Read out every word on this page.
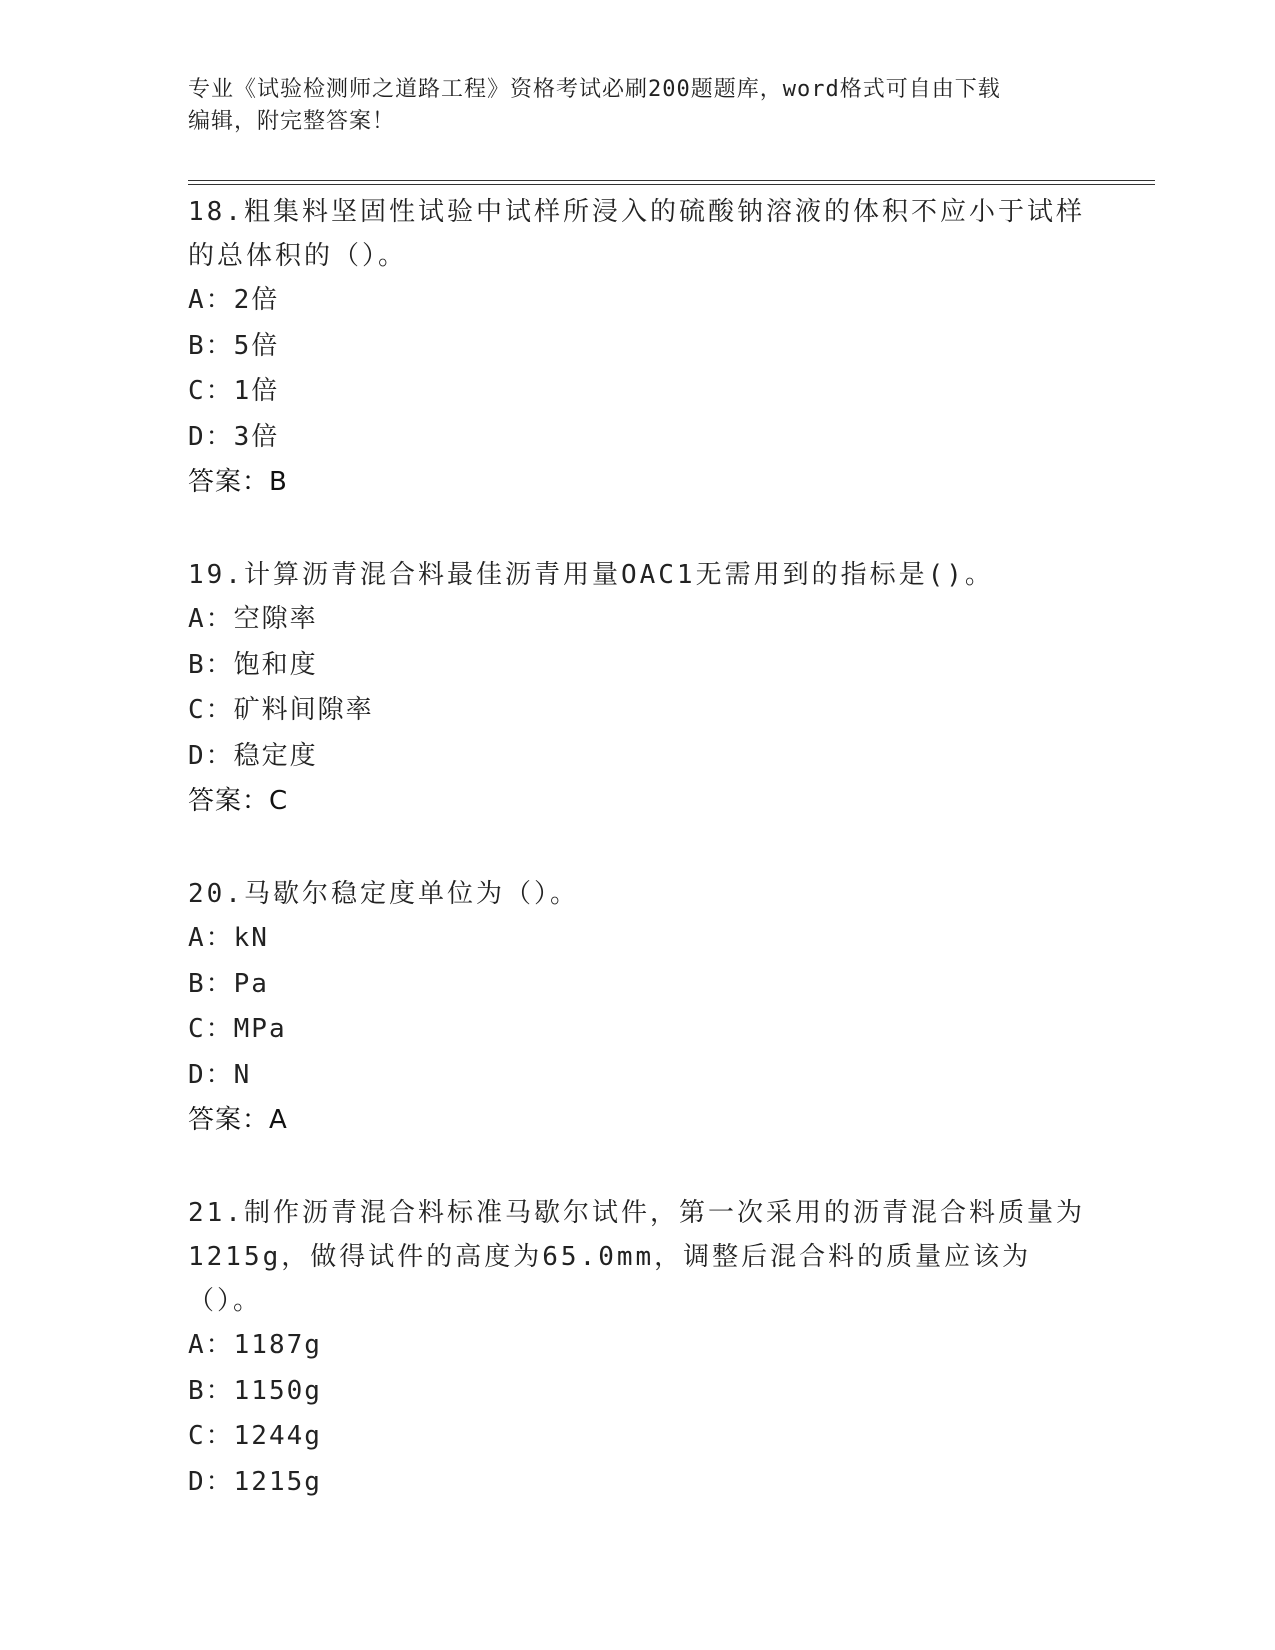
专业《试验检测师之道路工程》资格考试必刷200题题库，word格式可自由下载
编辑，附完整答案！

18.粗集料坚固性试验中试样所浸入的硫酸钠溶液的体积不应小于试样

的总体积的（）。

A：2倍

B：5倍

C：1倍

D：3倍

答案：B

19.计算沥青混合料最佳沥青用量OAC1无需用到的指标是()。

A：空隙率

B：饱和度

C：矿料间隙率

D：稳定度

答案：C

20.马歇尔稳定度单位为（）。

A：kN

B：Pa

C：MPa

D：N

答案：A

21.制作沥青混合料标准马歇尔试件，第一次采用的沥青混合料质量为

1215g，做得试件的高度为65.0mm，调整后混合料的质量应该为（）。

A：1187g

B：1150g

C：1244g

D：1215g
